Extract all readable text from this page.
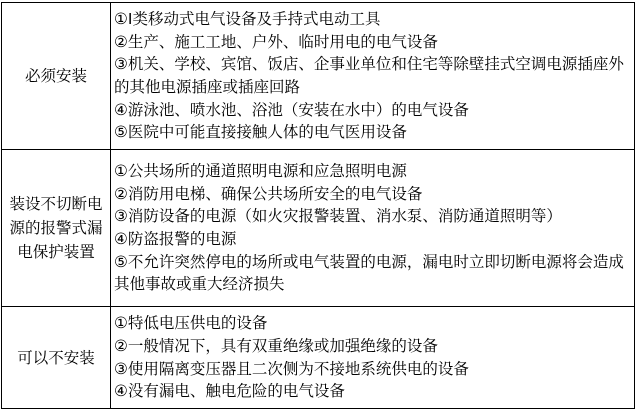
必须安装	①Ⅰ类移动式电气设备及手持式电动工具
②生产、施工工地、户外、临时用电的电气设备
③机关、学校、宾馆、饭店、企事业单位和住宅等除壁挂式空调电源插座外的其他电源插座或插座回路
④游泳池、喷水池、浴池（安装在水中）的电气设备
⑤医院中可能直接接触人体的电气医用设备

装设不切断电源的报警式漏电保护装置	①公共场所的通道照明电源和应急照明电源
②消防用电梯、确保公共场所安全的电气设备
③消防设备的电源（如火灾报警装置、消水泵、消防通道照明等）
④防盗报警的电源
⑤不允许突然停电的场所或电气装置的电源，漏电时立即切断电源将会造成其他事故或重大经济损失

可以不安装	①特低电压供电的设备
②一般情况下，具有双重绝缘或加强绝缘的设备
③使用隔离变压器且二次侧为不接地系统供电的设备
④没有漏电、触电危险的电气设备
